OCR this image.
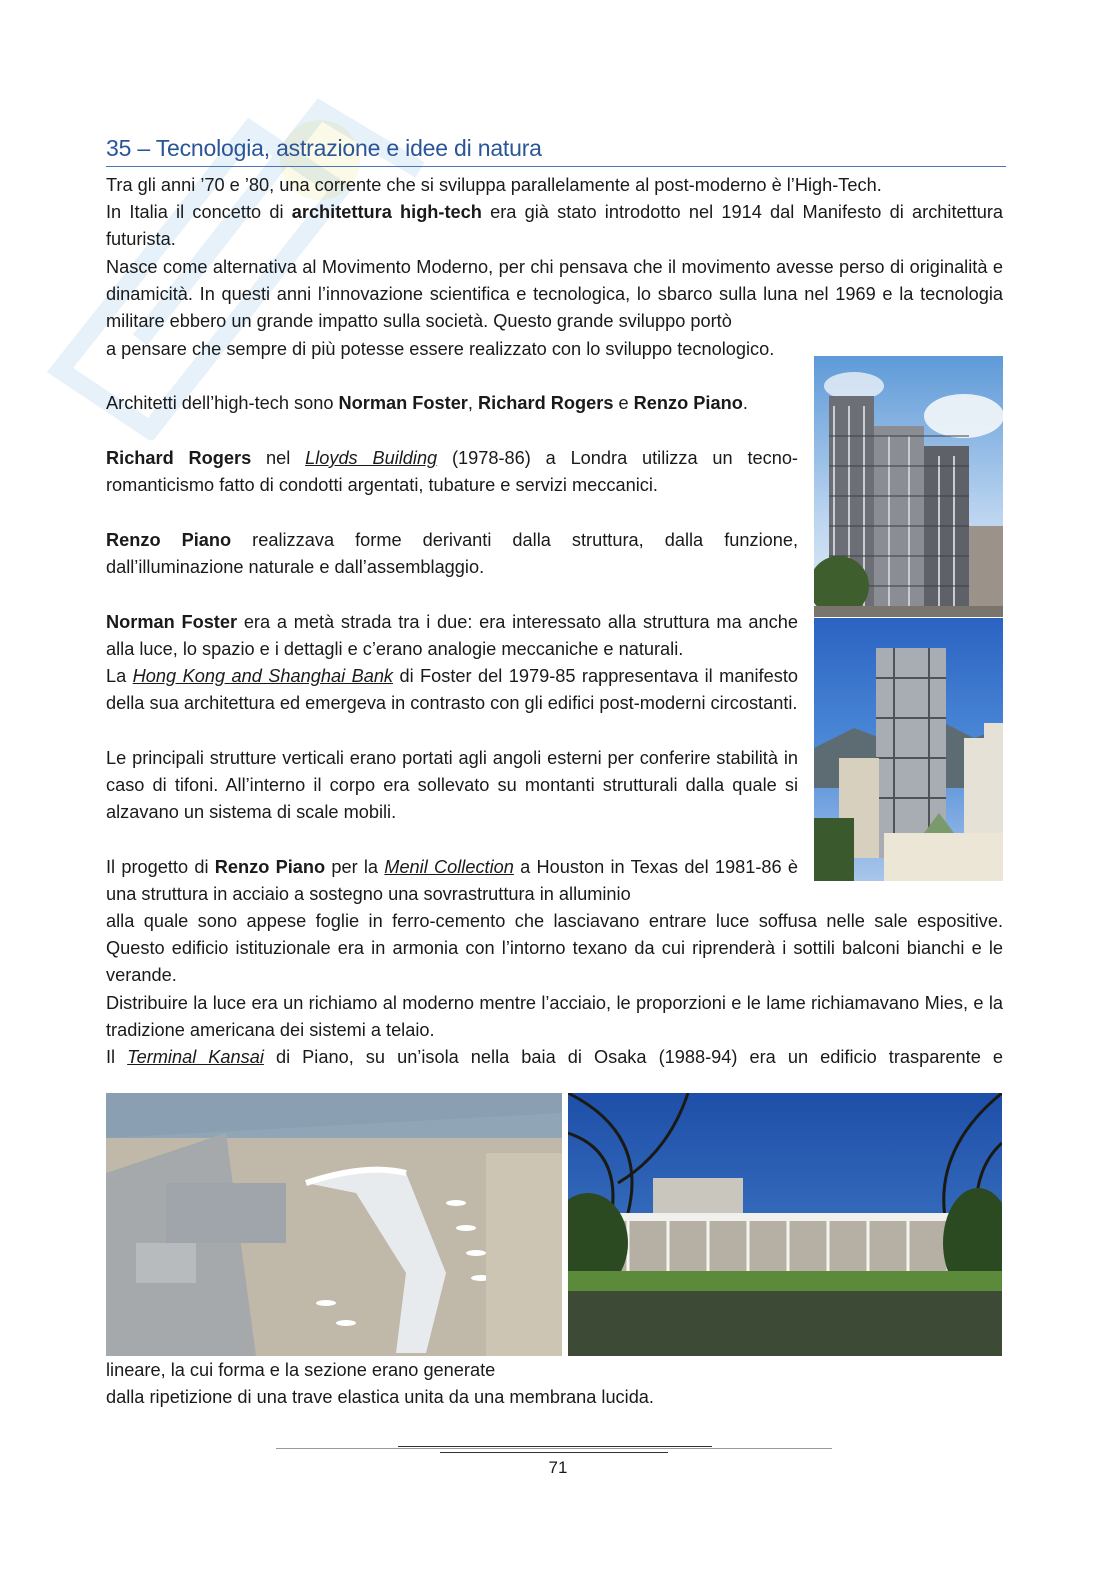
35 – Tecnologia, astrazione e idee di natura

Tra gli anni ’70 e ’80, una corrente che si sviluppa parallelamente al post-moderno è l’High-Tech.

In Italia il concetto di architettura high-tech era già stato introdotto nel 1914 dal Manifesto di architettura futurista.

Nasce come alternativa al Movimento Moderno, per chi pensava che il movimento avesse perso di originalità e dinamicità. In questi anni l’innovazione scientifica e tecnologica, lo sbarco sulla luna nel 1969 e la tecnologia militare ebbero un grande impatto sulla società. Questo grande sviluppo portò

a pensare che sempre di più potesse essere realizzato con lo sviluppo tecnologico.

Architetti dell’high-tech sono Norman Foster, Richard Rogers e Renzo Piano.

Richard Rogers nel Lloyds Building (1978-86) a Londra utilizza un tecno-romanticismo fatto di condotti argentati, tubature e servizi meccanici.

Renzo Piano realizzava forme derivanti dalla struttura, dalla funzione, dall’illuminazione naturale e dall’assemblaggio.

Norman Foster era a metà strada tra i due: era interessato alla struttura ma anche alla luce, lo spazio e i dettagli e c’erano analogie meccaniche e naturali.

La Hong Kong and Shanghai Bank di Foster del 1979-85 rappresentava il manifesto della sua architettura ed emergeva in contrasto con gli edifici post-moderni circostanti.

Le principali strutture verticali erano portati agli angoli esterni per conferire stabilità in caso di tifoni. All’interno il corpo era sollevato su montanti strutturali dalla quale si alzavano un sistema di scale mobili.

Il progetto di Renzo Piano per la Menil Collection a Houston in Texas del 1981-86 è una struttura in acciaio a sostegno una sovrastruttura in alluminio

alla quale sono appese foglie in ferro-cemento che lasciavano entrare luce soffusa nelle sale espositive. Questo edificio istituzionale era in armonia con l’intorno texano da cui riprenderà i sottili balconi bianchi e le verande.

Distribuire la luce era un richiamo al moderno mentre l’acciaio, le proporzioni e le lame richiamavano Mies, e la tradizione americana dei sistemi a telaio.

Il Terminal Kansai di Piano, su un’isola nella baia di Osaka (1988-94) era un edificio trasparente e

lineare, la cui forma e la sezione erano generate

dalla ripetizione di una trave elastica unita da una membrana lucida.

71
